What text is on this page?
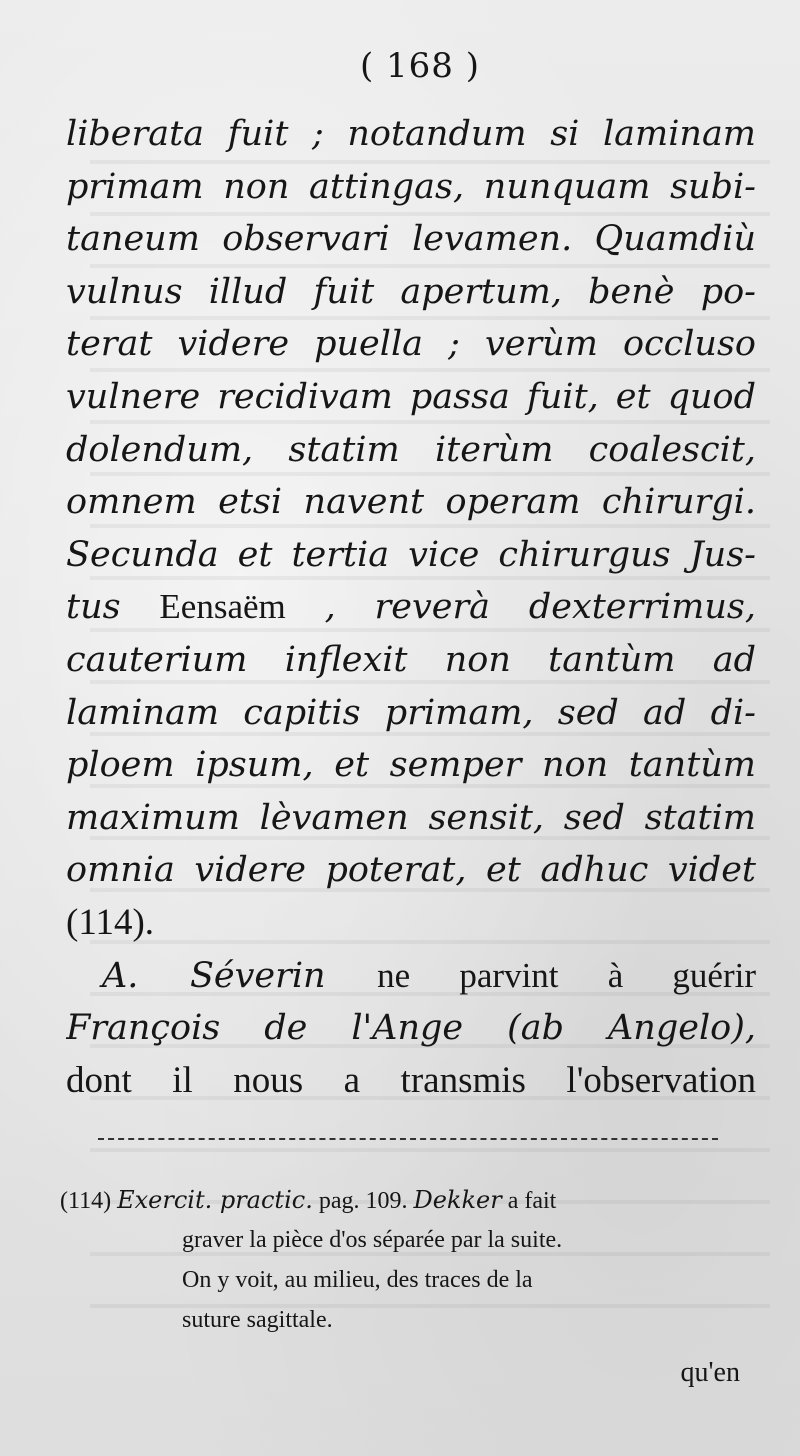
( 168 )
liberata fuit ; notandum si laminam
primam non attingas, nunquam subi-
taneum observari levamen. Quamdiù
vulnus illud fuit apertum, benè po-
terat videre puella ; verùm occluso
vulnere recidivam passa fuit, et quod
dolendum, statim iterùm coalescit,
omnem etsi navent operam chirurgi.
Secunda et tertia vice chirurgus Jus-
tus Eensaëm , reverà dexterrimus,
cauterium inflexit non tantùm ad
laminam capitis primam, sed ad di-
ploem ipsum, et semper non tantùm
maximum lèvamen sensit, sed statim
omnia videre poterat, et adhuc videt
(114).
A. Séverin ne parvint à guérir
François de l'Ange (ab Angelo),
dont il nous a transmis l'observation
(114) Exercit. practic. pag. 109. Dekker a fait
graver la pièce d'os séparée par la suite.
On y voit, au milieu, des traces de la
suture sagittale.
qu'en
